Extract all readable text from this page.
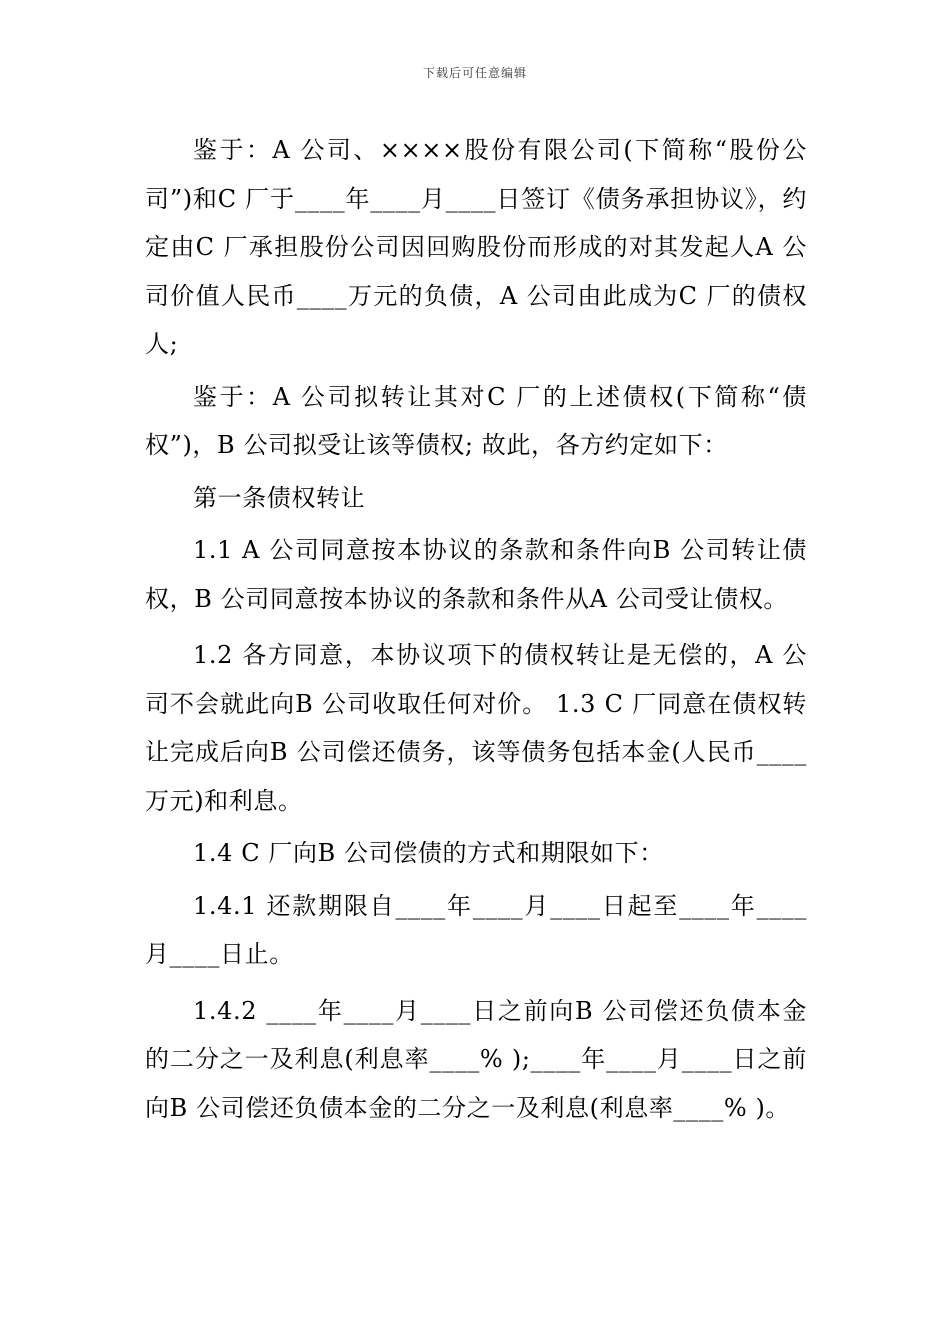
下载后可任意编辑

鉴于：A 公司、××××股份有限公司(下简称“股份公司”)和C 厂于____年____月____日签订《债务承担协议》，约定由C 厂承担股份公司因回购股份而形成的对其发起人A 公司价值人民币____万元的负债，A 公司由此成为C 厂的债权人;

鉴于：A 公司拟转让其对C 厂的上述债权(下简称“债权”)，B 公司拟受让该等债权; 故此，各方约定如下：

第一条债权转让

1.1 A 公司同意按本协议的条款和条件向B 公司转让债权，B 公司同意按本协议的条款和条件从A 公司受让债权。

1.2 各方同意，本协议项下的债权转让是无偿的，A 公司不会就此向B 公司收取任何对价。 1.3 C 厂同意在债权转让完成后向B 公司偿还债务，该等债务包括本金(人民币____万元)和利息。

1.4 C 厂向B 公司偿债的方式和期限如下：

1.4.1 还款期限自____年____月____日起至____年____月____日止。

1.4.2 ____年____月____日之前向B 公司偿还负债本金的二分之一及利息(利息率____% );____年____月____日之前向B 公司偿还负债本金的二分之一及利息(利息率____% )。
